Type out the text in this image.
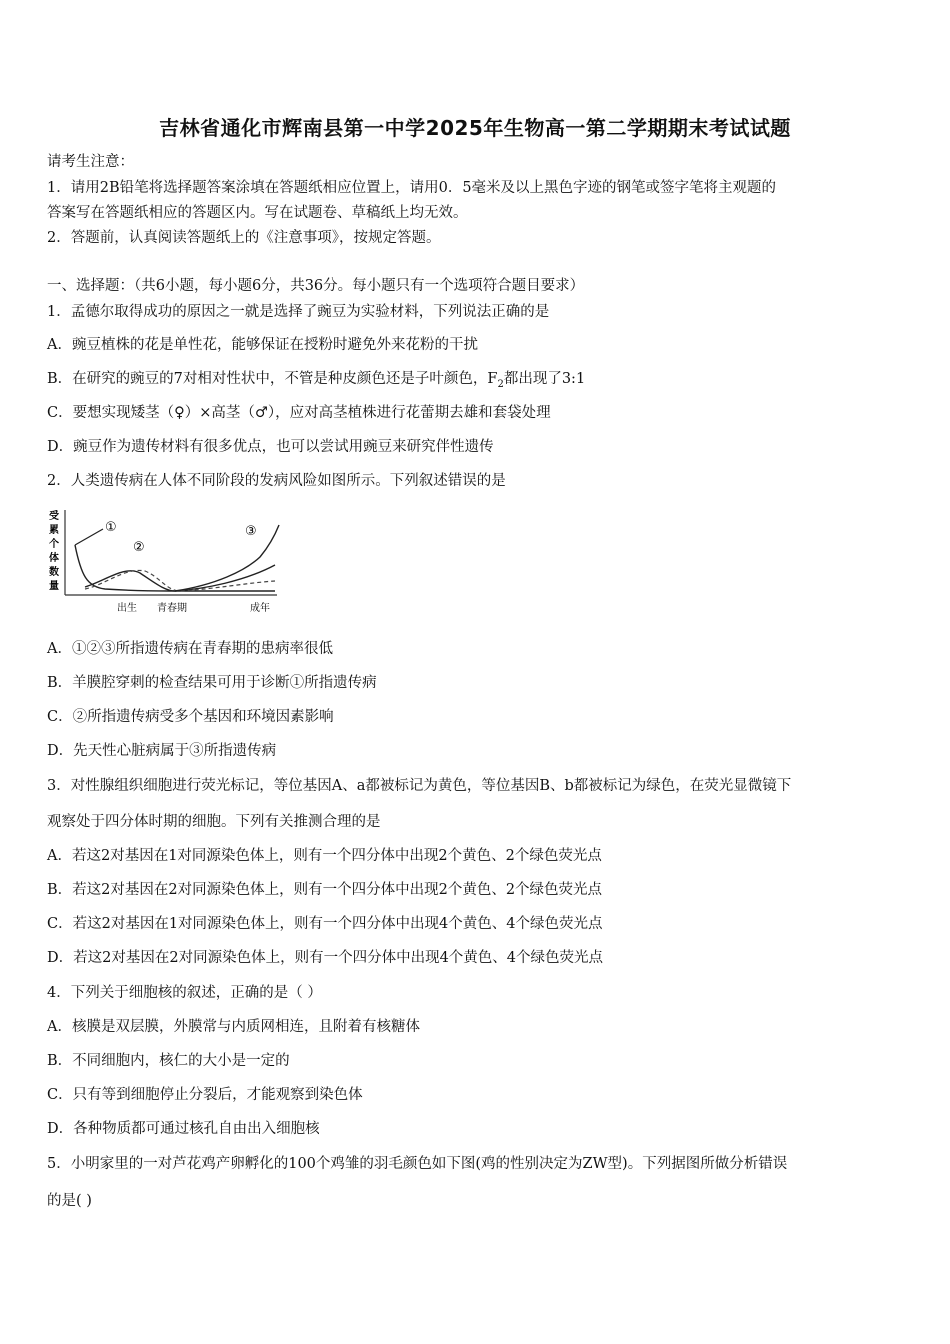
吉林省通化市辉南县第一中学2025年生物高一第二学期期末考试试题
请考生注意：
1．请用2B铅笔将选择题答案涂填在答题纸相应位置上，请用0．5毫米及以上黑色字迹的钢笔或签字笔将主观题的
答案写在答题纸相应的答题区内。写在试题卷、草稿纸上均无效。
2．答题前，认真阅读答题纸上的《注意事项》，按规定答题。
一、选择题：（共6小题，每小题6分，共36分。每小题只有一个选项符合题目要求）
1．孟德尔取得成功的原因之一就是选择了豌豆为实验材料，下列说法正确的是
A．豌豆植株的花是单性花，能够保证在授粉时避免外来花粉的干扰
B．在研究的豌豆的7对相对性状中，不管是种皮颜色还是子叶颜色，$F_2$都出现了3:1
C．要想实现矮茎（♀）×高茎（♂），应对高茎植株进行花蕾期去雄和套袋处理
D．豌豆作为遗传材料有很多优点，也可以尝试用豌豆来研究伴性遗传
2．人类遗传病在人体不同阶段的发病风险如图所示。下列叙述错误的是
受
累
个
体
数
量
①
②
③
出生 青春期	成年
A．①②③所指遗传病在青春期的患病率很低
B．羊膜腔穿刺的检查结果可用于诊断①所指遗传病
C．②所指遗传病受多个基因和环境因素影响
D．先天性心脏病属于③所指遗传病
3．对性腺组织细胞进行荧光标记，等位基因A、a都被标记为黄色，等位基因B、b都被标记为绿色，在荧光显微镜下
观察处于四分体时期的细胞。下列有关推测合理的是
A．若这2对基因在1对同源染色体上，则有一个四分体中出现2个黄色、2个绿色荧光点
B．若这2对基因在2对同源染色体上，则有一个四分体中出现2个黄色、2个绿色荧光点
C．若这2对基因在1对同源染色体上，则有一个四分体中出现4个黄色、4个绿色荧光点
D．若这2对基因在2对同源染色体上，则有一个四分体中出现4个黄色、4个绿色荧光点
4．下列关于细胞核的叙述，正确的是（ ）
A．核膜是双层膜，外膜常与内质网相连，且附着有核糖体
B．不同细胞内，核仁的大小是一定的
C．只有等到细胞停止分裂后，才能观察到染色体
D．各种物质都可通过核孔自由出入细胞核
5．小明家里的一对芦花鸡产卵孵化的100个鸡雏的羽毛颜色如下图(鸡的性别决定为ZW型)。下列据图所做分析错误
的是( )
